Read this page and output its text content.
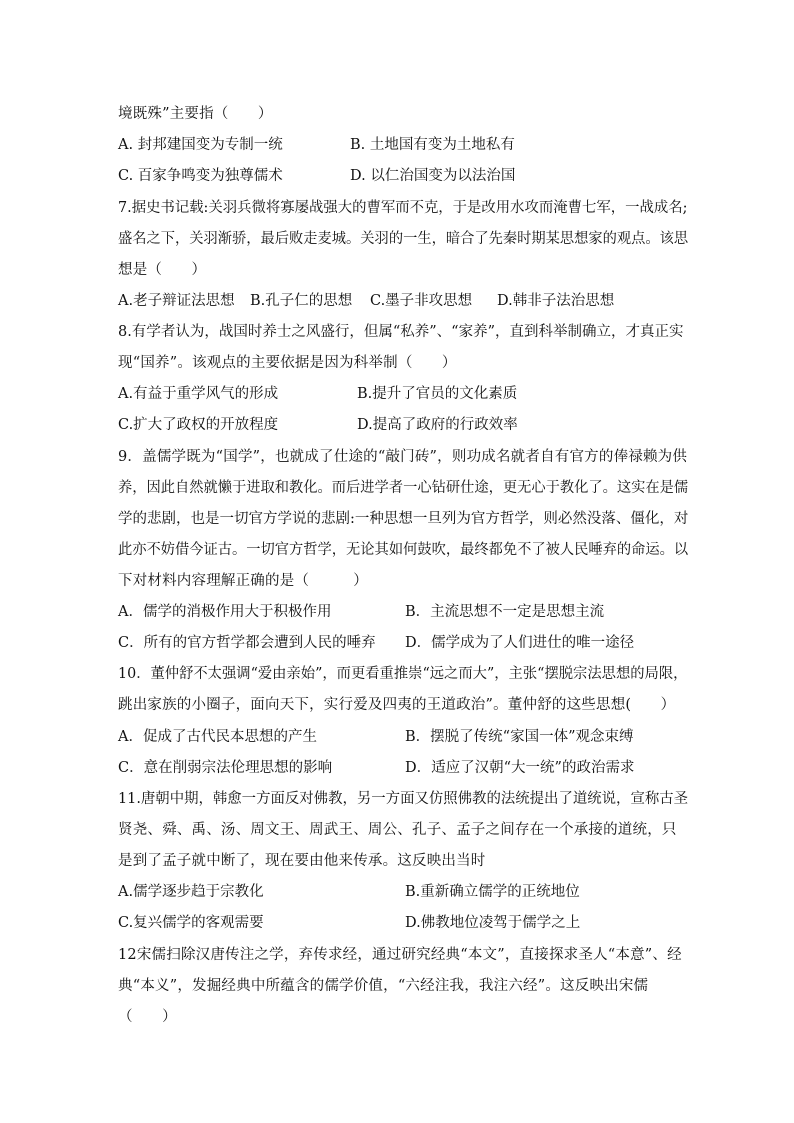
境既殊”主要指（　　）
A. 封邦建国变为专制一统	B. 土地国有变为土地私有
C. 百家争鸣变为独尊儒术	D. 以仁治国变为以法治国
7.据史书记载:关羽兵微将寡屡战强大的曹军而不克，于是改用水攻而淹曹七军，一战成名;
盛名之下，关羽渐骄，最后败走麦城。关羽的一生，暗合了先秦时期某思想家的观点。该思
想是（　　）
A.老子辩证法思想 B.孔子仁的思想 C.墨子非攻思想 D.韩非子法治思想
8.有学者认为，战国时养士之风盛行，但属“私养”、“家养”，直到科举制确立，才真正实
现“国养”。该观点的主要依据是因为科举制（　　）
A.有益于重学风气的形成	B.提升了官员的文化素质
C.扩大了政权的开放程度	D.提高了政府的行政效率
9．盖儒学既为“国学”，也就成了仕途的“敲门砖”，则功成名就者自有官方的俸禄赖为供
养，因此自然就懒于进取和教化。而后进学者一心钻研仕途，更无心于教化了。这实在是儒
学的悲剧，也是一切官方学说的悲剧:一种思想一旦列为官方哲学，则必然没落、僵化，对
此亦不妨借今证古。一切官方哲学，无论其如何鼓吹，最终都免不了被人民唾弃的命运。以
下对材料内容理解正确的是（　　　）
A．儒学的消极作用大于积极作用	B．主流思想不一定是思想主流
C．所有的官方哲学都会遭到人民的唾弃 D．儒学成为了人们进仕的唯一途径
10．董仲舒不太强调“爱由亲始”，而更看重推崇“远之而大”，主张“摆脱宗法思想的局限，
跳出家族的小圈子，面向天下，实行爱及四夷的王道政治”。董仲舒的这些思想(　　）
A．促成了古代民本思想的产生	B．摆脱了传统“家国一体”观念束缚
C．意在削弱宗法伦理思想的影响	D．适应了汉朝“大一统”的政治需求
11.唐朝中期，韩愈一方面反对佛教，另一方面又仿照佛教的法统提出了道统说，宣称古圣
贤尧、舜、禹、汤、周文王、周武王、周公、孔子、孟子之间存在一个承接的道统，只
是到了孟子就中断了，现在要由他来传承。这反映出当时
A.儒学逐步趋于宗教化	B.重新确立儒学的正统地位
C.复兴儒学的客观需要	D.佛教地位凌驾于儒学之上
12宋儒扫除汉唐传注之学，弃传求经，通过研究经典“本文”，直接探求圣人“本意”、经
典“本义”，发掘经典中所蕴含的儒学价值，“六经注我，我注六经”。这反映出宋儒
（　　）
